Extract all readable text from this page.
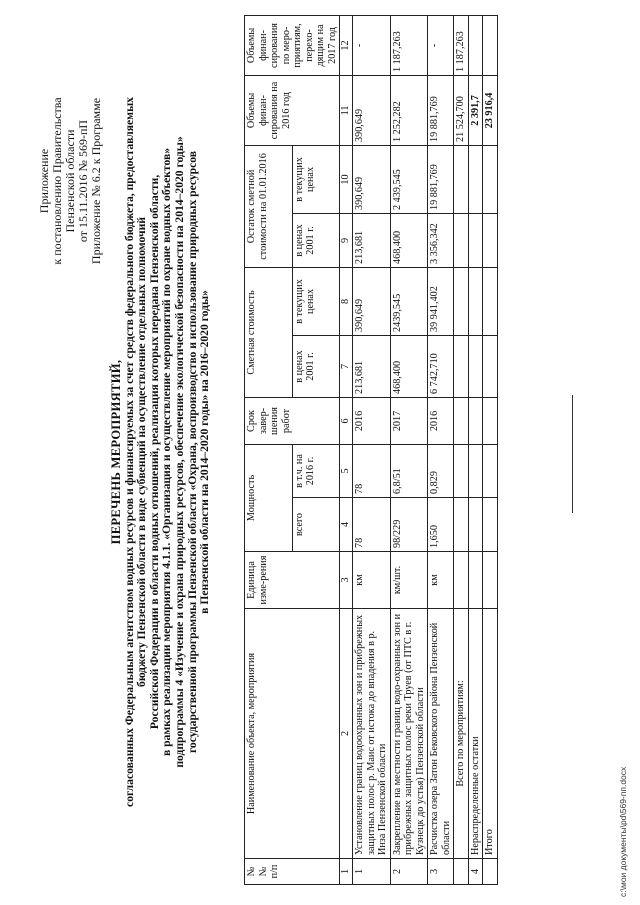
Приложение к постановлению Правительства Пензенской области от 15.11.2016 № 569-пП Приложение № 6.2 к Программе
ПЕРЕЧЕНЬ МЕРОПРИЯТИЙ, согласованных Федеральным агентством водных ресурсов и финансируемых за счет средств федерального бюджета, предоставляемых бюджету Пензенской области в виде субвенций на осуществление отдельных полномочий Российской Федерации в области водных отношений, реализация которых передана Пензенской области, в рамках реализации мероприятия 4.1.1. «Организация и осуществление мероприятий по охране водных объектов» подпрограммы 4 «Изучение и охрана природных ресурсов, обеспечение экологической безопасности на 2014–2020 годы» государственной программы Пензенской области «Охрана, воспроизводство и использование природных ресурсов в Пензенской области на 2014–2020 годы» на 2016–2020 годы»
№ № п/п	Наименование объекта, мероприятия	Единица изме-рения	Мощность		Срок завер-шения работ	Сметная стоимость		Остаток сметной стоимости на 01.01.2016		Объемы финан-сирования на 2016 год	Объемы финан-сирования по меро-приятиям, перехо-дящим на 2017 год
			всего	в т.ч. на 2016 г.		в ценах 2001 г.	в текущих ценах	в ценах 2001 г.	в текущих ценах		
1	2	3	4	5	6	7	8	9	10	11	12
1	Установление границ водоохранных зон и прибрежных защитных полос р. Маис от истока до впадения в р. Инза Пензенской области	км	78	78	2016	213,681	390,649	213,681	390,649	390,649	-
2	Закрепление на местности границ водо-охранных зон и прибрежных защитных полос реки Труев (от ПТС в г. Кузнецк до устья) Пензенской области	км/шт.	98/229	6,8/51	2017	468,400	2439,545	468,400	2 439,545	1 252,282	1 187,263
3	Расчистка озера Затон Бековского района Пензенской области	км	1,650	0,829	2016	6 742,710	39 941,402	3 356,342	19 881,769	19 881,769	-
	Всего по мероприятиям:									21 524,700	1 187,263
4	Нераспределенные остатки									2 391,7	
	Итого									23 916,4	
c:\мои документы\pd\569-пп.docx
